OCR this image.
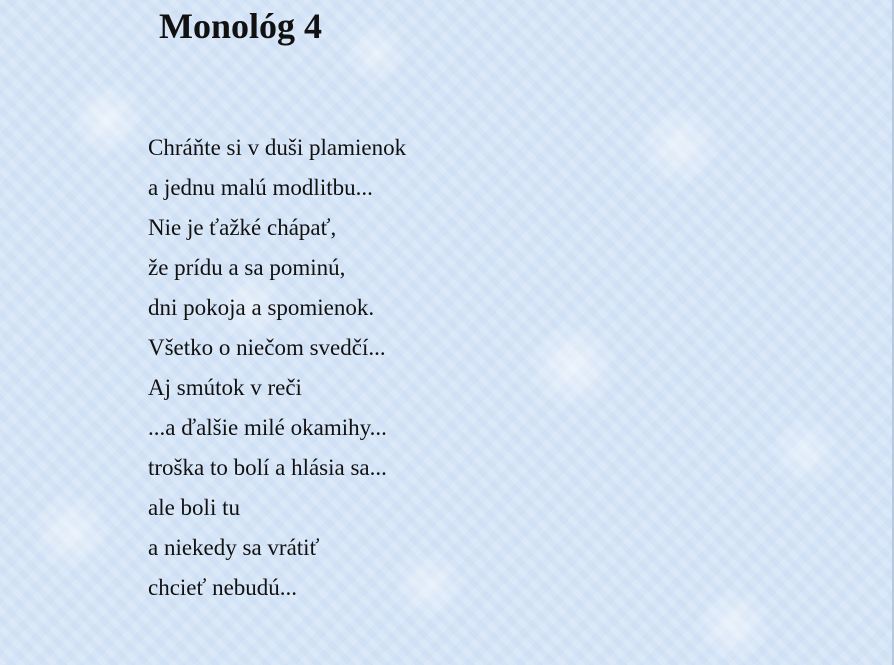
Monológ 4
Chráňte si v duši plamienok
a jednu malú modlitbu...
Nie je ťažké chápať,
že prídu a sa pominú,
dni pokoja a spomienok.
Všetko o niečom svedčí...
Aj smútok v reči
...a ďalšie milé okamihy...
troška to bolí a hlásia sa...
ale boli tu
a niekedy sa vrátiť
chcieť nebudú...
